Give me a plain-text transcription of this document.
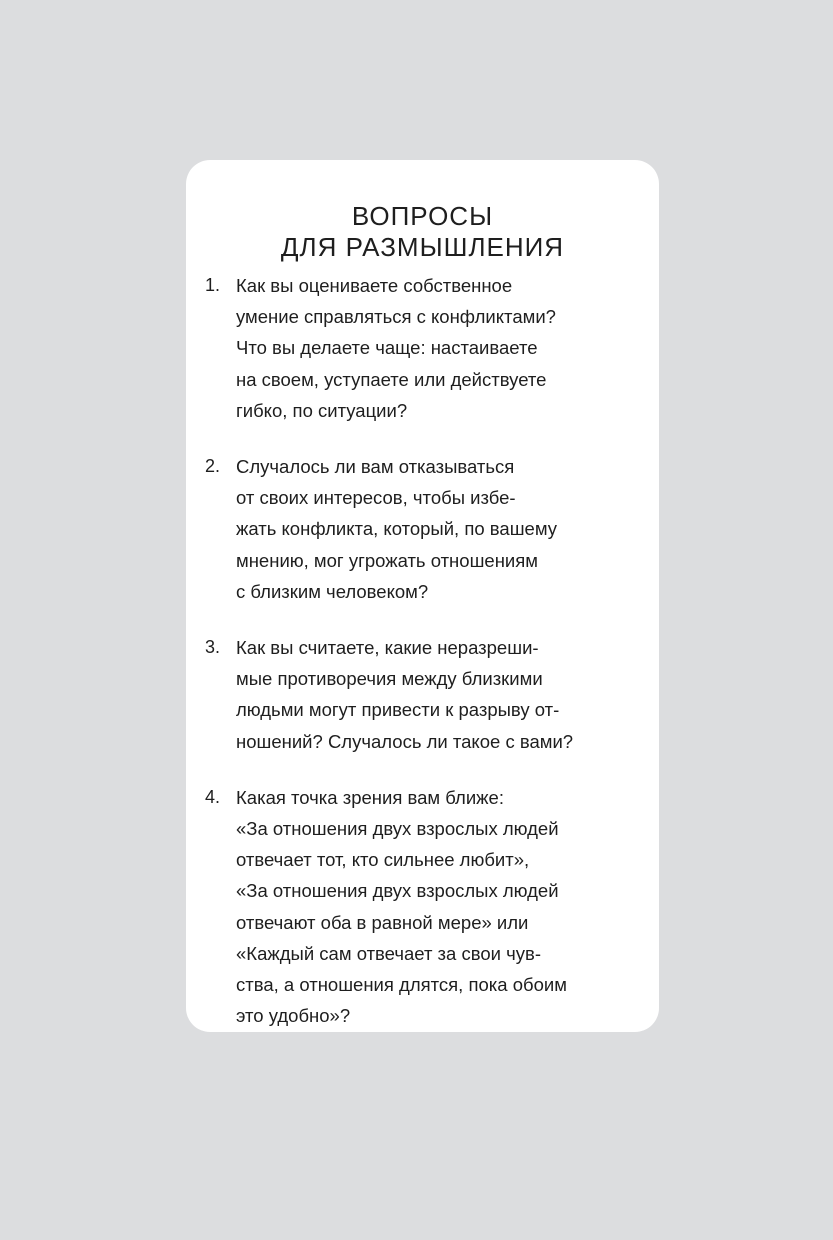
ВОПРОСЫ
ДЛЯ РАЗМЫШЛЕНИЯ
1. Как вы оцениваете собственное
умение справляться с конфликтами?
Что вы делаете чаще: настаиваете
на своем, уступаете или действуете
гибко, по ситуации?
2. Случалось ли вам отказываться
от своих интересов, чтобы избе-
жать конфликта, который, по вашему
мнению, мог угрожать отношениям
с близким человеком?
3. Как вы считаете, какие неразреши-
мые противоречия между близкими
людьми могут привести к разрыву от-
ношений? Случалось ли такое с вами?
4. Какая точка зрения вам ближе:
«За отношения двух взрослых людей
отвечает тот, кто сильнее любит»,
«За отношения двух взрослых людей
отвечают оба в равной мере» или
«Каждый сам отвечает за свои чув-
ства, а отношения длятся, пока обоим
это удобно»?
